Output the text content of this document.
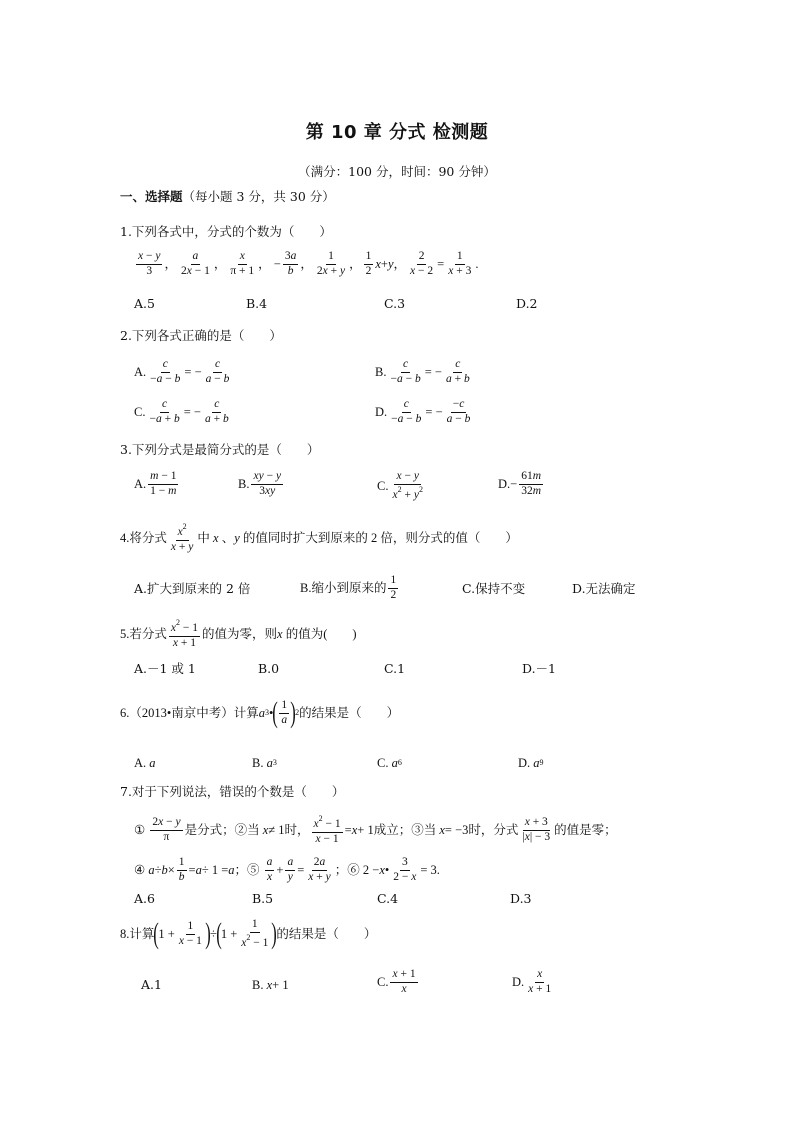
第 10 章 分式 检测题
（满分：100 分，时间：90 分钟）
一、选择题（每小题 3 分，共 30 分）
1.下列各式中，分式的个数为（　　）
$\frac{x - y}{3}$ ， $\frac{a}{2x - 1}$ ， $\frac{x}{\pi + 1}$ ， − $\frac{3a}{b}$ ， $\frac{1}{2x + y}$ ， $\frac{1}{2}$ x + y ， $\frac{2}{x - 2} = \frac{1}{x + 3}$ .
A.5	B.4	C.3	D.2
2.下列各式正确的是（　　）
A. $\frac{c}{-a - b}$ = − $\frac{c}{a - b}$	B. $\frac{c}{-a - b}$ = − $\frac{c}{a + b}$
C. $\frac{c}{-a + b}$ = − $\frac{c}{a + b}$	D. $\frac{c}{-a - b}$ = − $\frac{-c}{a - b}$
3.下列分式是最简分式的是（　　）
A. $\frac{m - 1}{1 - m}$	B. $\frac{xy - y}{3xy}$	C. $\frac{x - y}{x^2 + y^2}$	D. − $\frac{61m}{32m}$
4.将分式 $\frac{x^2}{x + y}$ 中
x 、 y
的值同时扩大到原来的 2 倍，则分式的值（　　）
A.扩大到原来的 2 倍	B.缩小到原来的 $\frac{1}{2}$	C.保持不变	D.无法确定
5.若分式 $\frac{x^2 - 1}{x + 1}$ 的值为零，则 x
的值为(　　)
A.－1 或 1	B.0	C.1	D.－1
6.（2013•南京中考）计算 a 3 • ( $\frac{1}{a}$ ) 2 的结果是（　　）
A.
a	B.
a 3	C.
a 6	D.
a 9
7.对于下列说法，错误的个数是（　　）
① $\frac{2x - y}{\pi}$ 是分式；②当
x ≠ 1 时， $\frac{x^2 - 1}{x - 1} = x + 1$ 成立；③当
x = −3 时，分式 $\frac{x + 3}{|x| - 3}$ 的值是零；
④ $a \div b \times \frac{1}{b} = a \div 1 = a$ ；⑤ $\frac{a}{x} + \frac{a}{y} = \frac{2a}{x + y}$ ；⑥ 2 − x • $\frac{3}{2 - x} = 3$.
A.6	B.5	C.4	D.3
8.计算 ( $1 + \frac{1}{x - 1}$ ) ÷ ( $1 + \frac{1}{x^2 - 1}$ ) 的结果是（　　）
A.1	B.
x + 1	C. $\frac{x + 1}{x}$	D. $\frac{x}{x + 1}$
